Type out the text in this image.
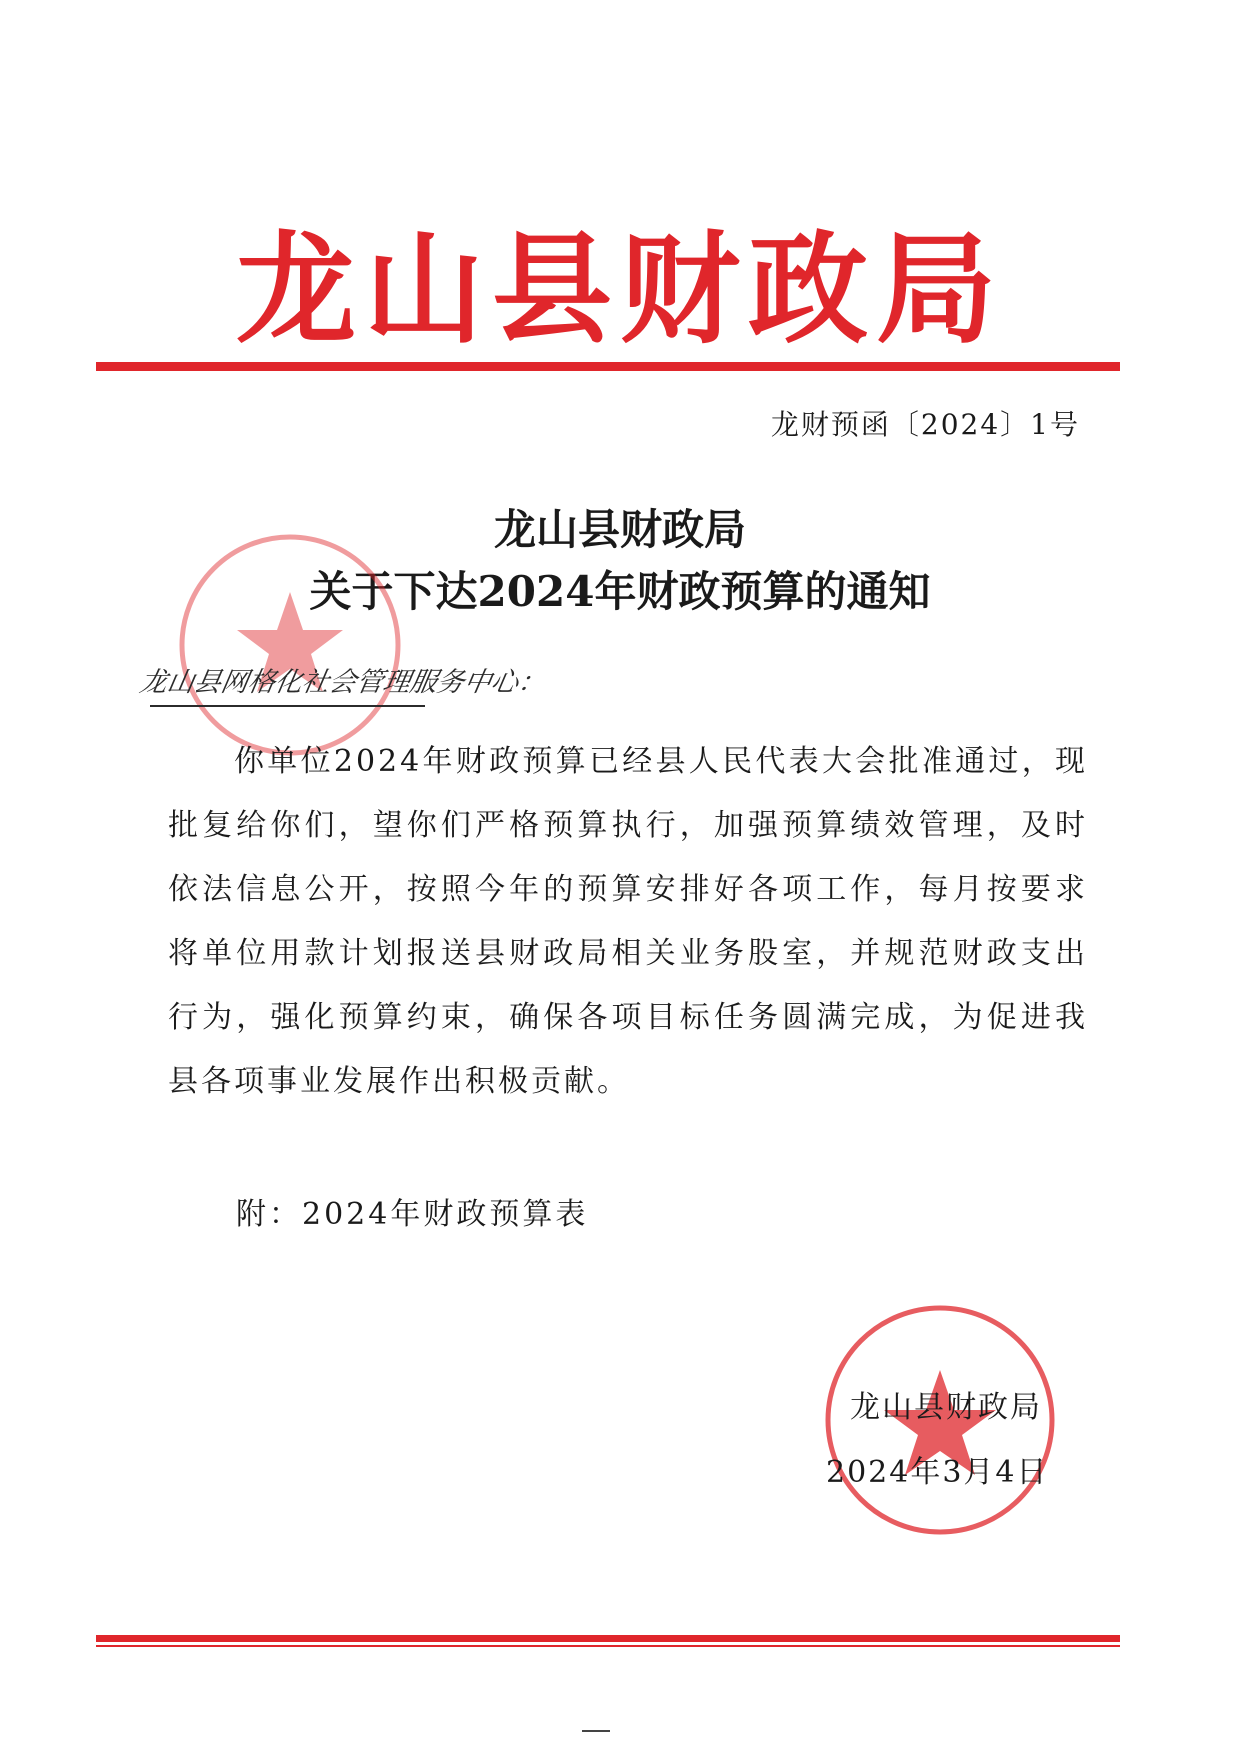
龙山县财政局
龙财预函〔2024〕1号
龙山县财政局
关于下达2024年财政预算的通知
龙山县网格化社会管理服务中心：

你单位2024年财政预算已经县人民代表大会批准通过，现批复给你们，望你们严格预算执行，加强预算绩效管理，及时依法信息公开，按照今年的预算安排好各项工作，每月按要求将单位用款计划报送县财政局相关业务股室，并规范财政支出行为，强化预算约束，确保各项目标任务圆满完成，为促进我县各项事业发展作出积极贡献。

附：2024年财政预算表
龙山县财政局
2024年3月4日
